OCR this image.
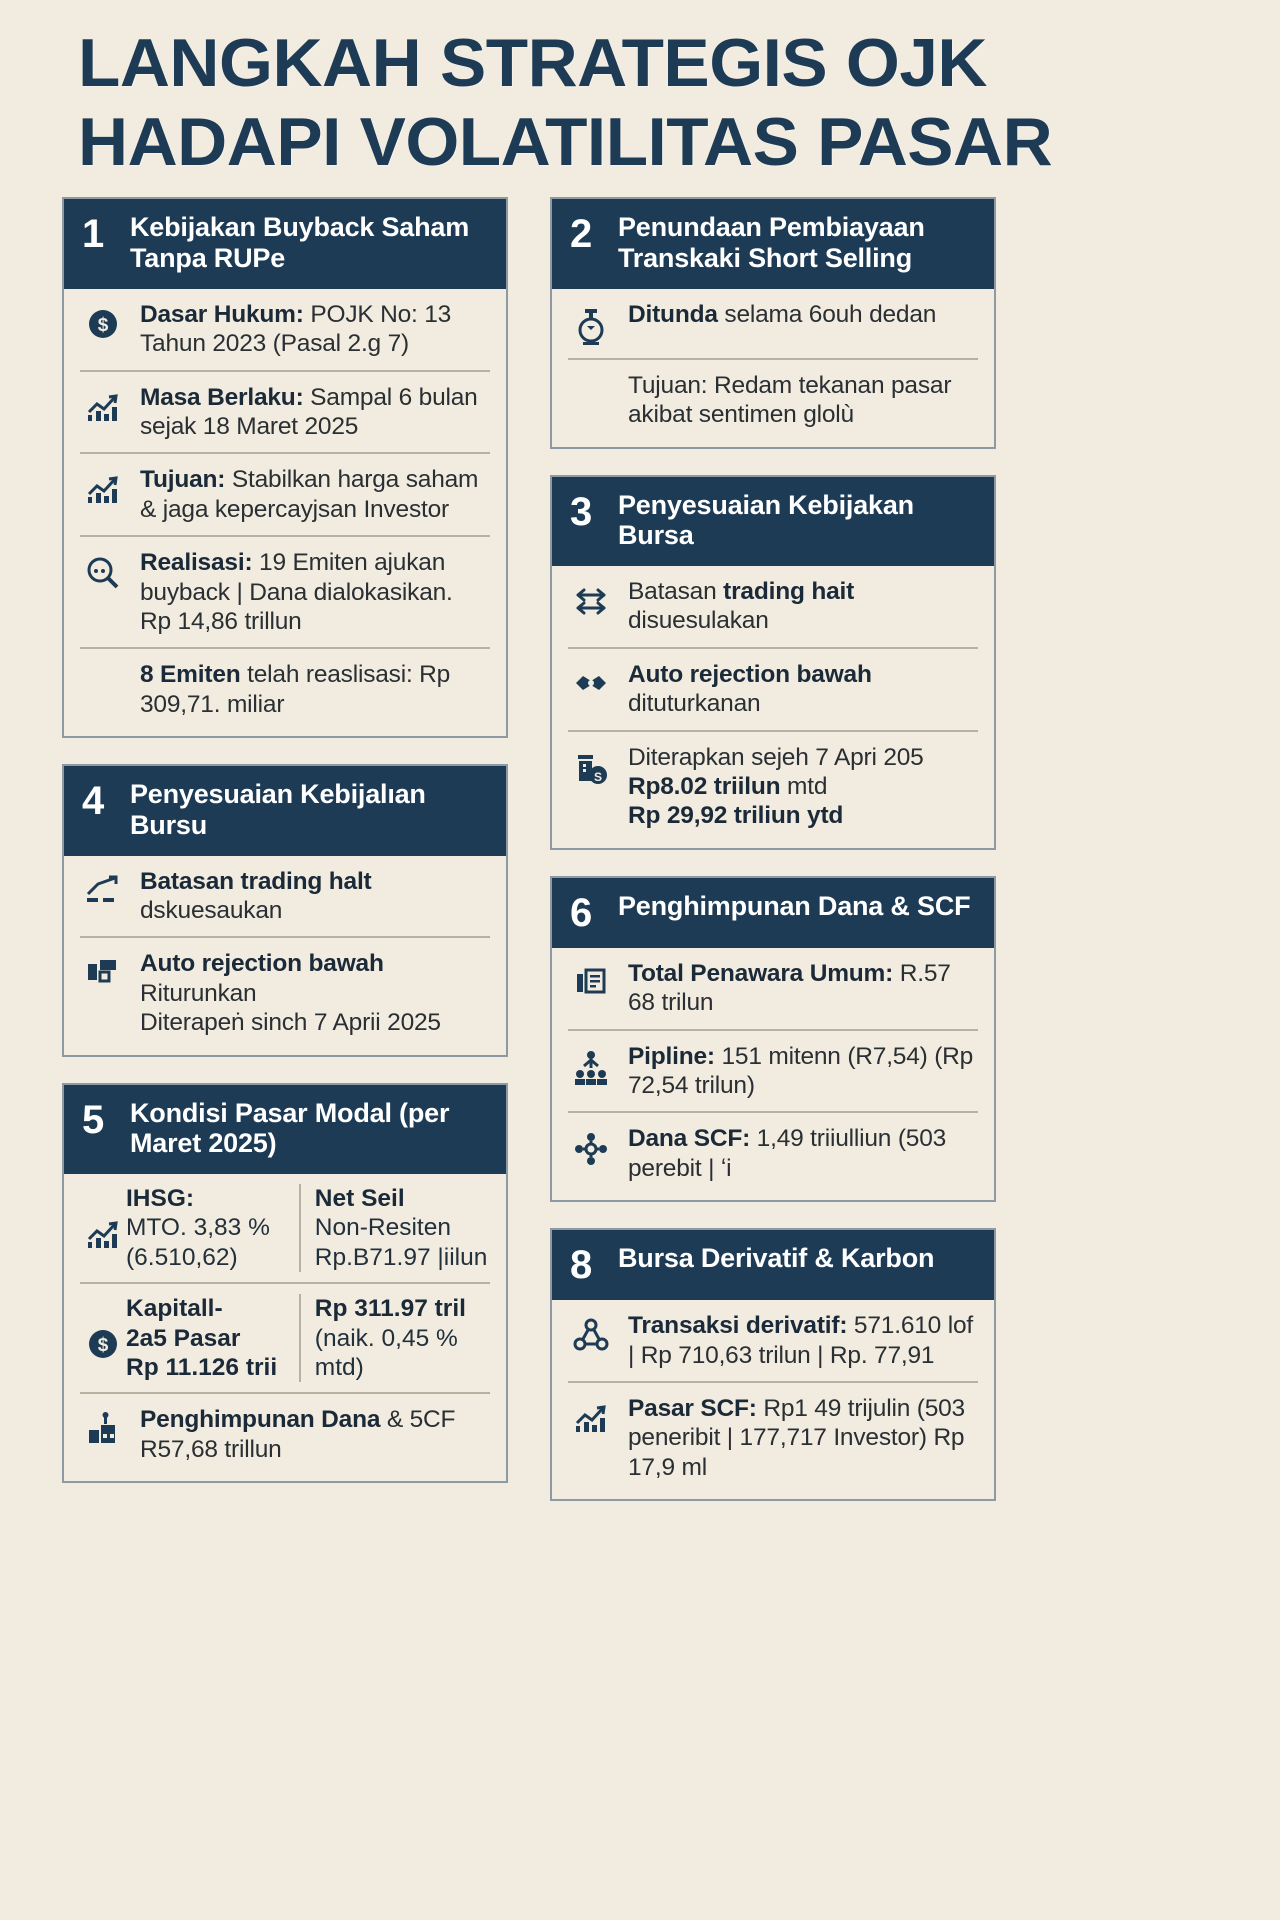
LANGKAH STRATEGIS OJK
HADAPI VOLATILITAS PASAR
1 Kebijakan Buyback Saham Tanpa RUPe
$ Dasar Hukum: POJK No: 13 Tahun 2023 (Pasal 2.g 7)
Masa Berlaku: Sampal 6 bulan sejak 18 Maret 2025
Tujuan: Stabilkan harga saham & jaga kepercayjsan Investor
Realisasi: 19 Emiten ajukan buyback | Dana dialokasikan. Rp 14,86 trillun
8 Emiten telah reaslisasi: Rp 309,71. miliar
4 Penyesuaian Kebijalıan Bursu
Batasan trading halt dskuesaukan
Auto rejection bawah Riturunkan
Diterapeṅ sinch 7 Aprii 2025
5 Kondisi Pasar Modal (per Maret 2025)
IHSG:
MTO. 3,83 %
(6.510,62)
Net Seil
Non-Resiten
Rp.B71.97 |iilun
$
Kapitall-
2a5 Pasar
Rp 11.126 trii
Rp 311.97 tril
(naik. 0,45 % mtd)
Penghimpunan Dana & 5CF
R57,68 trillun
2 Penundaan Pembiayaan Transkaki Short Selling
Ditunda selama 6ouh dedan
Tujuan: Redam tekanan pasar akibat sentimen glolù
3 Penyesuaian Kebijakan Bursa
Batasan trading hait disuesulakan
Auto rejection bawah dituturkanan
S
Diterapkan sejeh 7 Apri 205
Rp8.02 triilun mtd
Rp 29,92 triliun ytd
6 Penghimpunan Dana & SCF
Total Penawara Umum: R.57 68 trilun
Pipline: 151 mitenn (R7,54) (Rp 72,54 trilun)
Dana SCF: 1,49 triiulliun (503 perebit | ʻi
8 Bursa Derivatif & Karbon
Transaksi derivatif: 571.610 lof | Rp 710,63 trilun | Rp. 77,91
Pasar SCF: Rp1 49 trijulin (503 peneribit | 177,717 Investor) Rp 17,9 ml
